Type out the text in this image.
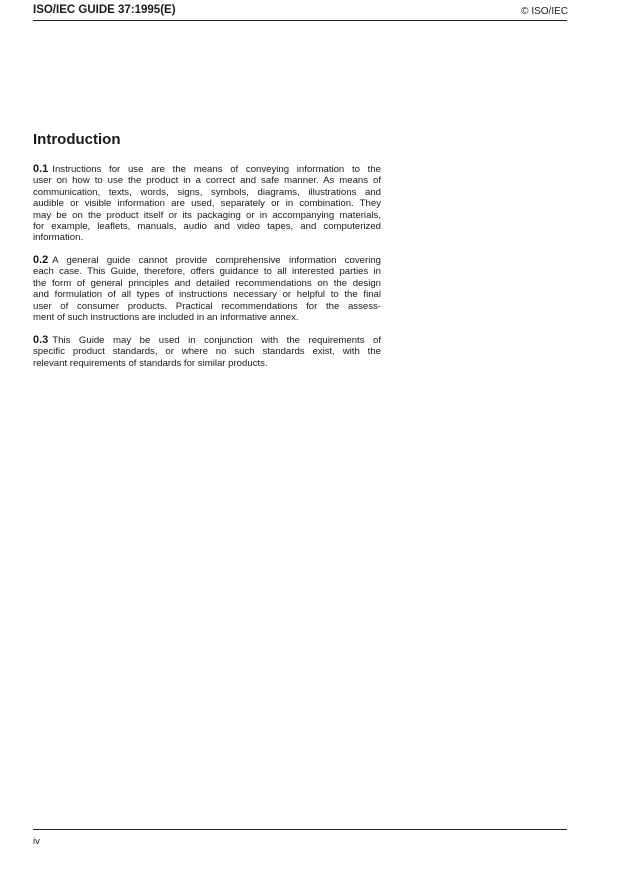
ISO/IEC GUIDE 37:1995(E)	© ISO/IEC
Introduction
0.1 Instructions for use are the means of conveying information to the
user on how to use the product in a correct and safe manner. As means of
communication, texts, words, signs, symbols, diagrams, illustrations and
audible or visible information are used, separately or in combination. They
may be on the product itself or its packaging or in accompanying materials,
for example, leaflets, manuals, audio and video tapes, and computerized
information.
0.2 A general guide cannot provide comprehensive information covering
each case. This Guide, therefore, offers guidance to all interested parties in
the form of general principles and detailed recommendations on the design
and formulation of all types of instructions necessary or helpful to the final
user of consumer products. Practical recommendations for the assess-
ment of such instructions are included in an informative annex.
0.3 This Guide may be used in conjunction with the requirements of
specific product standards, or where no such standards exist, with the
relevant requirements of standards for similar products.
iv
